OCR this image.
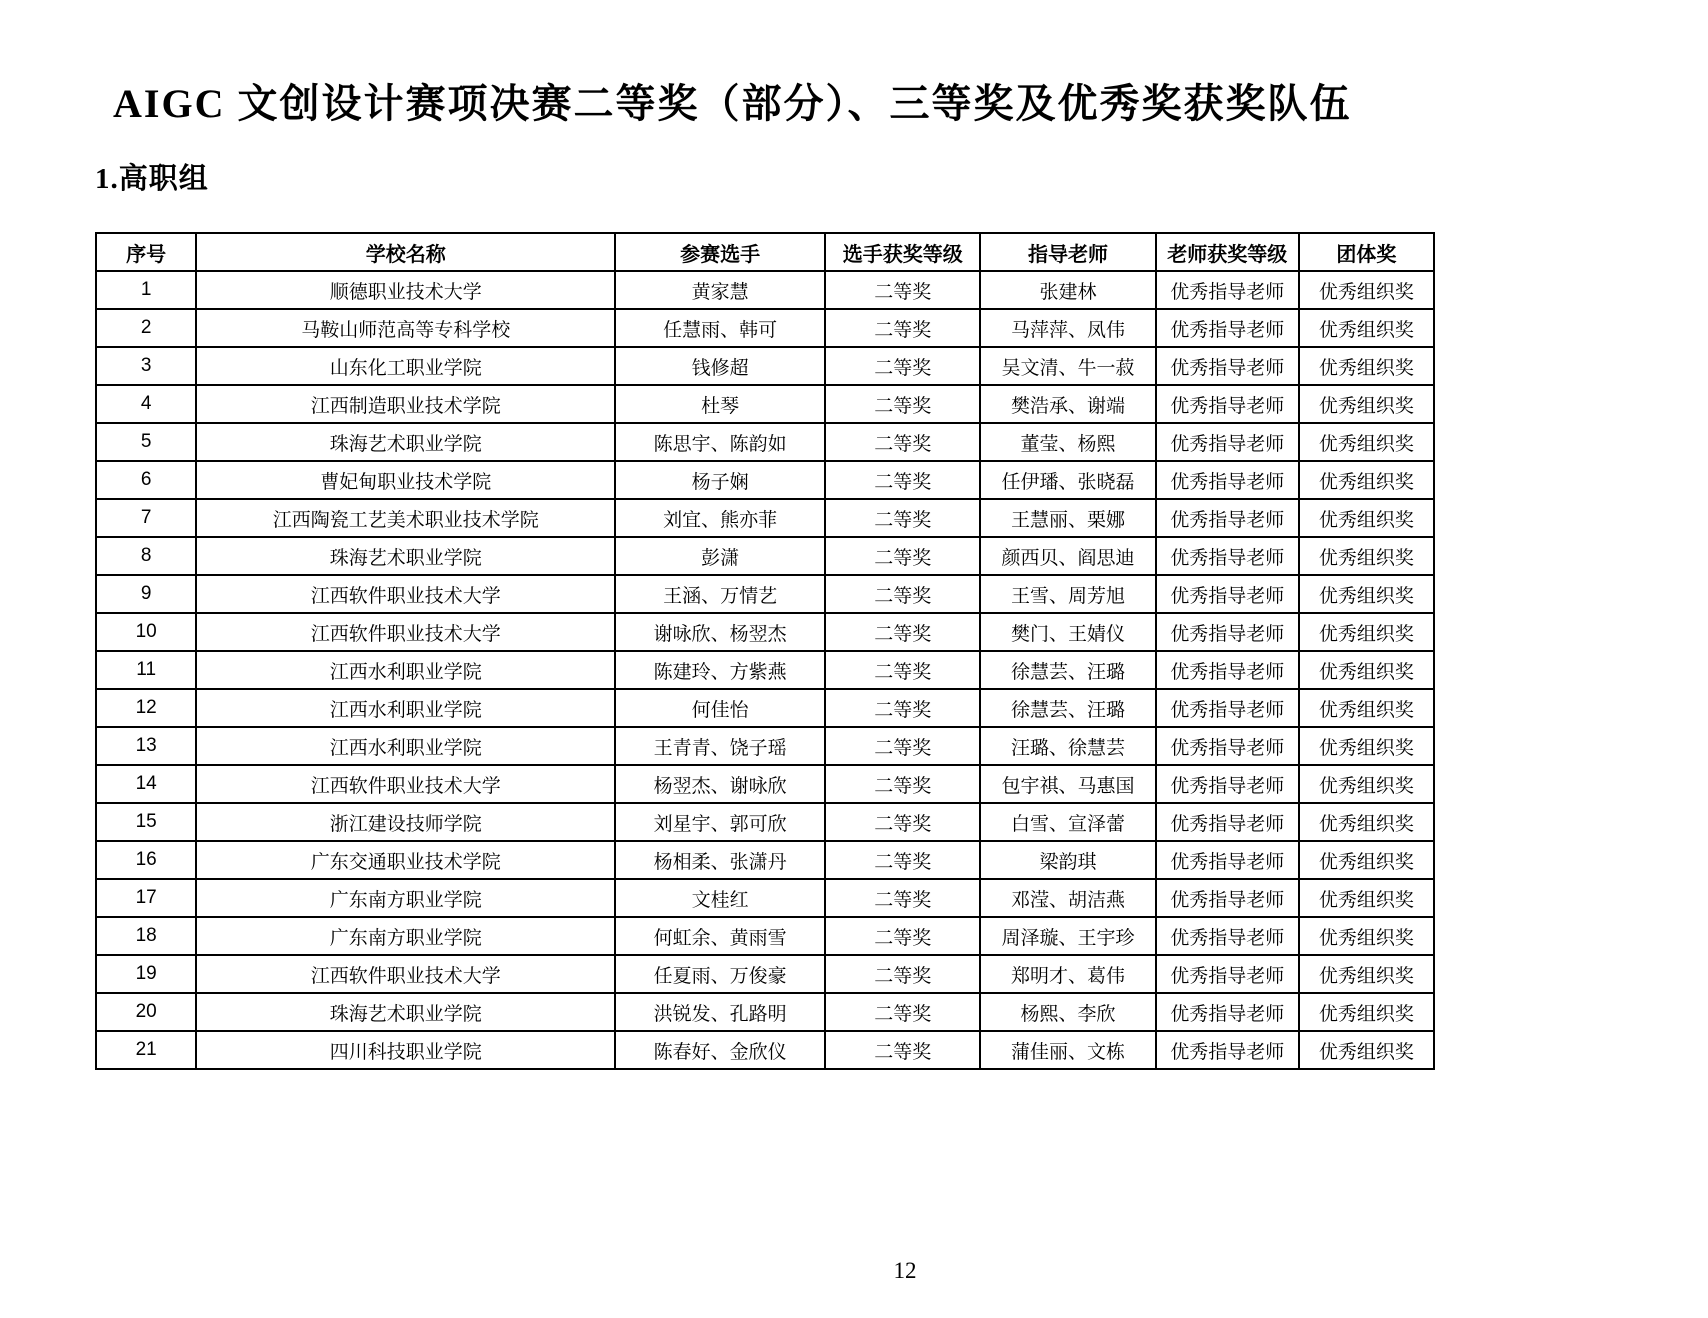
AIGC 文创设计赛项决赛二等奖（部分）、三等奖及优秀奖获奖队伍
1.高职组
序号	学校名称	参赛选手	选手获奖等级	指导老师	老师获奖等级	团体奖
1	顺德职业技术大学	黄家慧	二等奖	张建林	优秀指导老师	优秀组织奖
2	马鞍山师范高等专科学校	任慧雨、韩可	二等奖	马萍萍、凤伟	优秀指导老师	优秀组织奖
3	山东化工职业学院	钱修超	二等奖	吴文清、牛一菽	优秀指导老师	优秀组织奖
4	江西制造职业技术学院	杜琴	二等奖	樊浩承、谢端	优秀指导老师	优秀组织奖
5	珠海艺术职业学院	陈思宇、陈韵如	二等奖	董莹、杨熙	优秀指导老师	优秀组织奖
6	曹妃甸职业技术学院	杨子娴	二等奖	任伊璠、张晓磊	优秀指导老师	优秀组织奖
7	江西陶瓷工艺美术职业技术学院	刘宜、熊亦菲	二等奖	王慧丽、栗娜	优秀指导老师	优秀组织奖
8	珠海艺术职业学院	彭潇	二等奖	颜西贝、阎思迪	优秀指导老师	优秀组织奖
9	江西软件职业技术大学	王涵、万情艺	二等奖	王雪、周芳旭	优秀指导老师	优秀组织奖
10	江西软件职业技术大学	谢咏欣、杨翌杰	二等奖	樊门、王婧仪	优秀指导老师	优秀组织奖
11	江西水利职业学院	陈建玲、方紫燕	二等奖	徐慧芸、汪璐	优秀指导老师	优秀组织奖
12	江西水利职业学院	何佳怡	二等奖	徐慧芸、汪璐	优秀指导老师	优秀组织奖
13	江西水利职业学院	王青青、饶子瑶	二等奖	汪璐、徐慧芸	优秀指导老师	优秀组织奖
14	江西软件职业技术大学	杨翌杰、谢咏欣	二等奖	包宇祺、马惠国	优秀指导老师	优秀组织奖
15	浙江建设技师学院	刘星宇、郭可欣	二等奖	白雪、宣泽蕾	优秀指导老师	优秀组织奖
16	广东交通职业技术学院	杨相柔、张潇丹	二等奖	梁韵琪	优秀指导老师	优秀组织奖
17	广东南方职业学院	文桂红	二等奖	邓滢、胡洁燕	优秀指导老师	优秀组织奖
18	广东南方职业学院	何虹余、黄雨雪	二等奖	周泽璇、王宇珍	优秀指导老师	优秀组织奖
19	江西软件职业技术大学	任夏雨、万俊豪	二等奖	郑明才、葛伟	优秀指导老师	优秀组织奖
20	珠海艺术职业学院	洪锐发、孔路明	二等奖	杨熙、李欣	优秀指导老师	优秀组织奖
21	四川科技职业学院	陈春好、金欣仪	二等奖	蒲佳丽、文栋	优秀指导老师	优秀组织奖
12
